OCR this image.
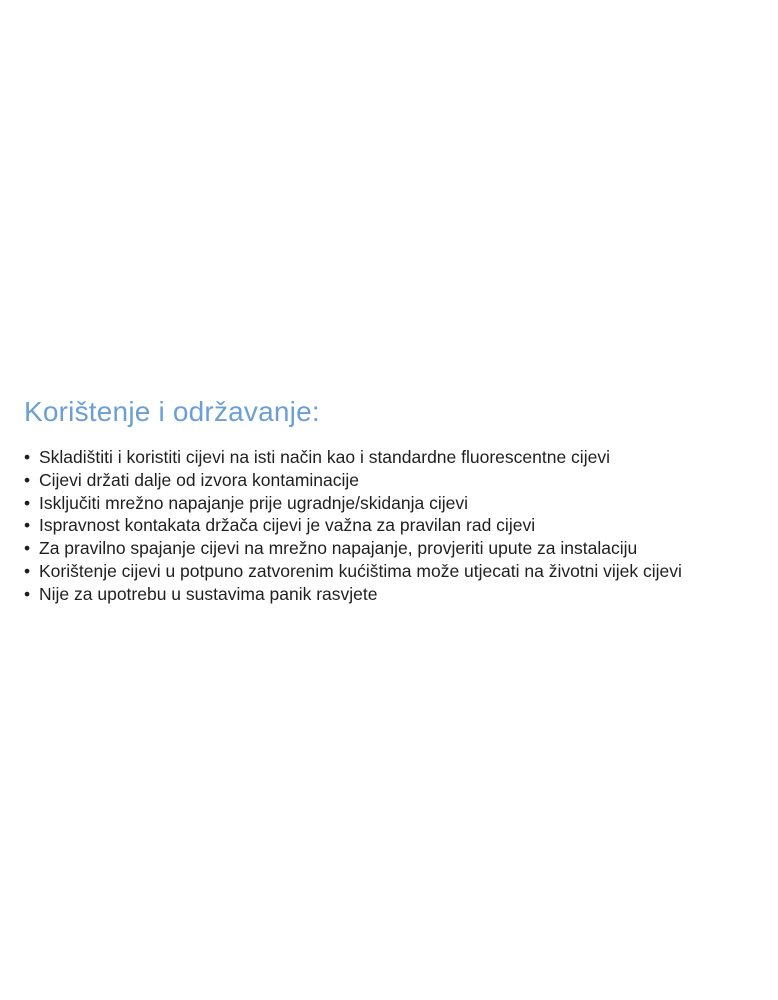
Korištenje i održavanje:
• Skladištiti i koristiti cijevi na isti način kao i standardne fluorescentne cijevi
• Cijevi držati dalje od izvora kontaminacije
• Isključiti mrežno napajanje prije ugradnje/skidanja cijevi
• Ispravnost kontakata držača cijevi je važna za pravilan rad cijevi
• Za pravilno spajanje cijevi na mrežno napajanje, provjeriti upute za instalaciju
• Korištenje cijevi u potpuno zatvorenim kućištima može utjecati na životni vijek cijevi
• Nije za upotrebu u sustavima panik rasvjete
